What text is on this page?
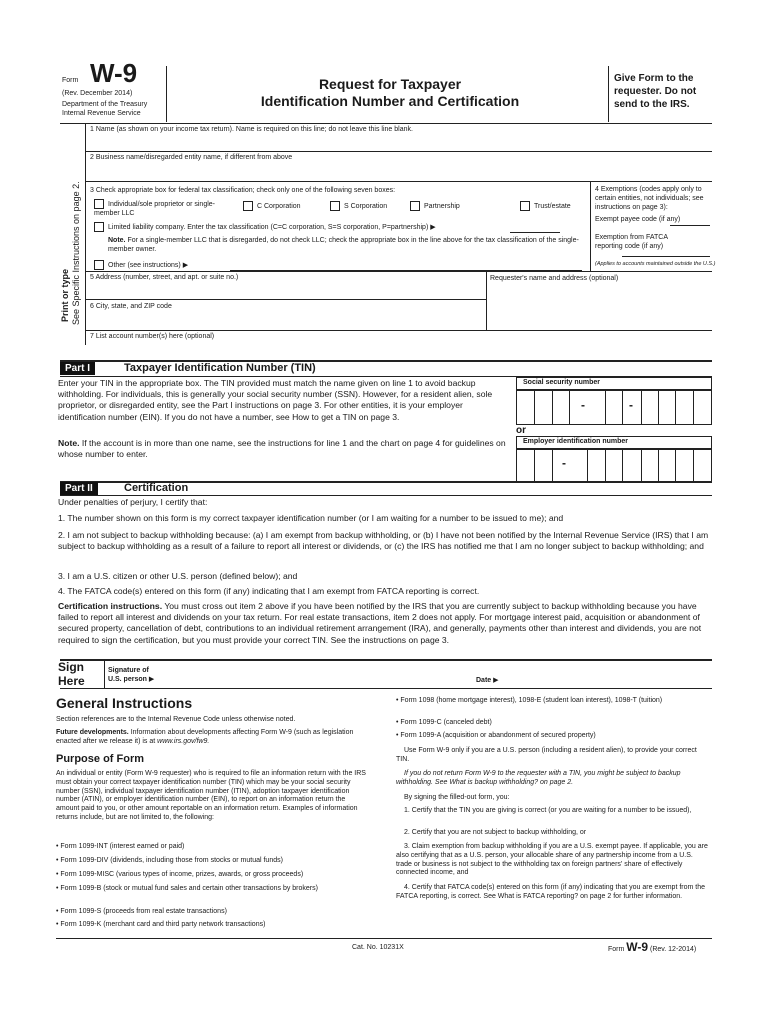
Form W-9
(Rev. December 2014)
Department of the Treasury
Internal Revenue Service
Request for Taxpayer
Identification Number and Certification
Give Form to the requester. Do not send to the IRS.
Print or type See Specific Instructions on page 2.
1 Name (as shown on your income tax return). Name is required on this line; do not leave this line blank.
2 Business name/disregarded entity name, if different from above
3 Check appropriate box for federal tax classification; check only one of the following seven boxes:
Individual/sole proprietor or single-member LLC
C Corporation	S Corporation	Partnership	Trust/estate
Limited liability company. Enter the tax classification (C=C corporation, S=S corporation, P=partnership) ▶
Note. For a single-member LLC that is disregarded, do not check LLC; check the appropriate box in the line above for the tax classification of the single-member owner.
Other (see instructions) ▶
4 Exemptions (codes apply only to certain entities, not individuals; see instructions on page 3):
Exempt payee code (if any)
Exemption from FATCA reporting code (if any)
(Applies to accounts maintained outside the U.S.)
5 Address (number, street, and apt. or suite no.)	Requester's name and address (optional)
6 City, state, and ZIP code
7 List account number(s) here (optional)
Part I	Taxpayer Identification Number (TIN)
Enter your TIN in the appropriate box. The TIN provided must match the name given on line 1 to avoid backup withholding. For individuals, this is generally your social security number (SSN). However, for a resident alien, sole proprietor, or disregarded entity, see the Part I instructions on page 3. For other entities, it is your employer identification number (EIN). If you do not have a number, see How to get a TIN on page 3.
Note. If the account is in more than one name, see the instructions for line 1 and the chart on page 4 for guidelines on whose number to enter.
Social security number
-	-
or
Employer identification number
-
Part II	Certification
Under penalties of perjury, I certify that:
1. The number shown on this form is my correct taxpayer identification number (or I am waiting for a number to be issued to me); and
2. I am not subject to backup withholding because: (a) I am exempt from backup withholding, or (b) I have not been notified by the Internal Revenue Service (IRS) that I am subject to backup withholding as a result of a failure to report all interest or dividends, or (c) the IRS has notified me that I am no longer subject to backup withholding; and
3. I am a U.S. citizen or other U.S. person (defined below); and
4. The FATCA code(s) entered on this form (if any) indicating that I am exempt from FATCA reporting is correct.
Certification instructions. You must cross out item 2 above if you have been notified by the IRS that you are currently subject to backup withholding because you have failed to report all interest and dividends on your tax return. For real estate transactions, item 2 does not apply. For mortgage interest paid, acquisition or abandonment of secured property, cancellation of debt, contributions to an individual retirement arrangement (IRA), and generally, payments other than interest and dividends, you are not required to sign the certification, but you must provide your correct TIN. See the instructions on page 3.
Sign
Here
Signature of
U.S. person ▶	Date ▶
General Instructions
Section references are to the Internal Revenue Code unless otherwise noted.
Future developments. Information about developments affecting Form W-9 (such as legislation enacted after we release it) is at www.irs.gov/fw9.
Purpose of Form
An individual or entity (Form W-9 requester) who is required to file an information return with the IRS must obtain your correct taxpayer identification number (TIN) which may be your social security number (SSN), individual taxpayer identification number (ITIN), adoption taxpayer identification number (ATIN), or employer identification number (EIN), to report on an information return the amount paid to you, or other amount reportable on an information return. Examples of information returns include, but are not limited to, the following:
• Form 1099-INT (interest earned or paid)
• Form 1099-DIV (dividends, including those from stocks or mutual funds)
• Form 1099-MISC (various types of income, prizes, awards, or gross proceeds)
• Form 1099-B (stock or mutual fund sales and certain other transactions by brokers)
• Form 1099-S (proceeds from real estate transactions)
• Form 1099-K (merchant card and third party network transactions)
• Form 1098 (home mortgage interest), 1098-E (student loan interest), 1098-T (tuition)
• Form 1099-C (canceled debt)
• Form 1099-A (acquisition or abandonment of secured property)
Use Form W-9 only if you are a U.S. person (including a resident alien), to provide your correct TIN.
If you do not return Form W-9 to the requester with a TIN, you might be subject to backup withholding. See What is backup withholding? on page 2.
By signing the filled-out form, you:
1. Certify that the TIN you are giving is correct (or you are waiting for a number to be issued),
2. Certify that you are not subject to backup withholding, or
3. Claim exemption from backup withholding if you are a U.S. exempt payee. If applicable, you are also certifying that as a U.S. person, your allocable share of any partnership income from a U.S. trade or business is not subject to the withholding tax on foreign partners' share of effectively connected income, and
4. Certify that FATCA code(s) entered on this form (if any) indicating that you are exempt from the FATCA reporting, is correct. See What is FATCA reporting? on page 2 for further information.
Cat. No. 10231X	Form W-9 (Rev. 12-2014)
